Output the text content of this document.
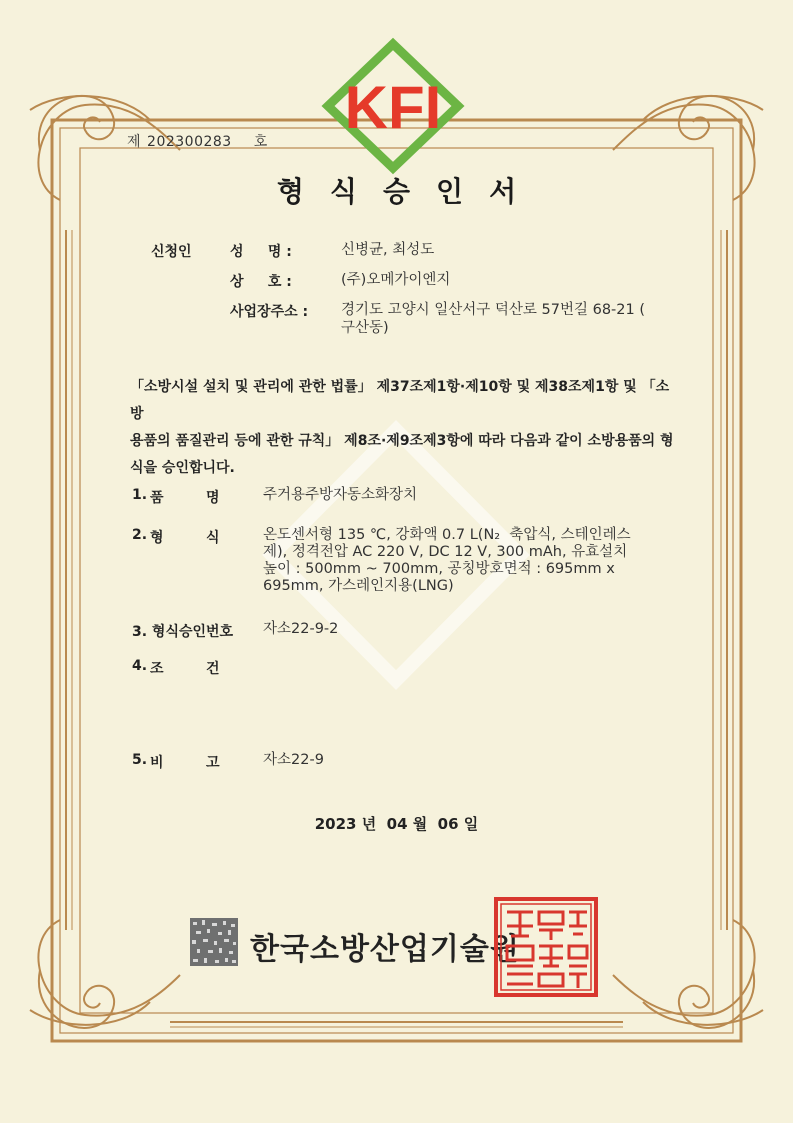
KFI
제 202300283 호
형식승인서
신청인	성     명 :	신병균, 최성도
상     호 :	(주)오메가이엔지
사업장주소 : 경기도 고양시 일산서구 덕산로 57번길 68-21 (
구산동)
「소방시설 설치 및 관리에 관한 법률」 제37조제1항·제10항 및 제38조제1항 및 「소방
용품의 품질관리 등에 관한 규칙」 제8조·제9조제3항에 따라 다음과 같이 소방용품의 형
식을 승인합니다.
1. 품	명	주거용주방자동소화장치
2. 형	식	온도센서형 135 ℃, 강화액 0.7 L(N₂  축압식, 스테인레스
제), 정격전압 AC 220 V, DC 12 V, 300 mAh, 유효설치
높이 : 500mm ~ 700mm, 공칭방호면적 : 695mm x
695mm, 가스레인지용(LNG)
3. 형식승인번호 자소22-9-2
4. 조	건
5. 비	고	자소22-9
2023 년  04 월  06 일
한국소방산업기술원
